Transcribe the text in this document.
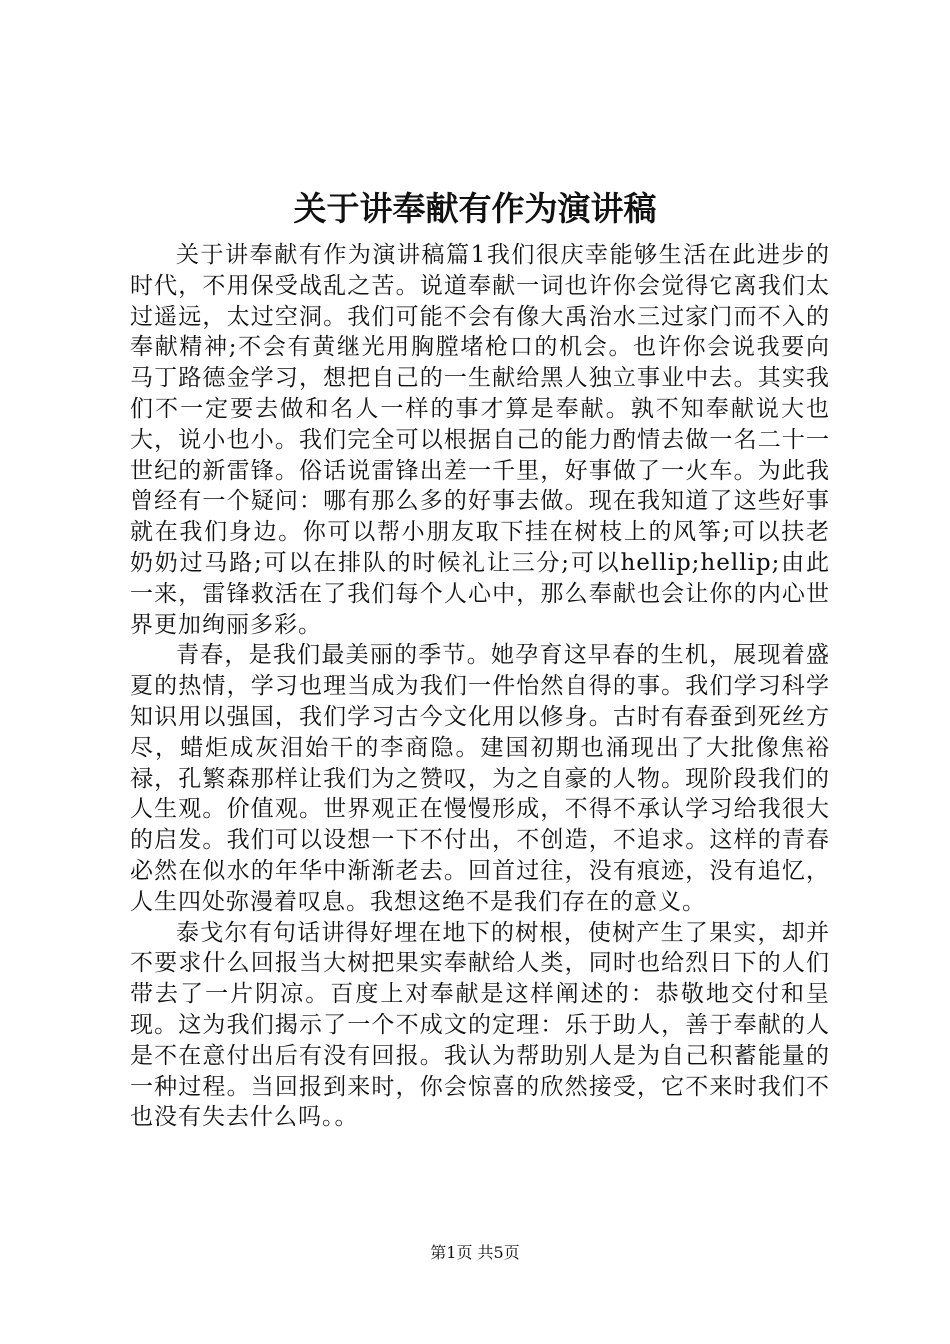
关于讲奉献有作为演讲稿

关于讲奉献有作为演讲稿篇1我们很庆幸能够生活在此进步的时代，不用保受战乱之苦。说道奉献一词也许你会觉得它离我们太过遥远，太过空洞。我们可能不会有像大禹治水三过家门而不入的奉献精神;不会有黄继光用胸膛堵枪口的机会。也许你会说我要向马丁路德金学习，想把自己的一生献给黑人独立事业中去。其实我们不一定要去做和名人一样的事才算是奉献。孰不知奉献说大也大，说小也小。我们完全可以根据自己的能力酌情去做一名二十一世纪的新雷锋。俗话说雷锋出差一千里，好事做了一火车。为此我曾经有一个疑问：哪有那么多的好事去做。现在我知道了这些好事就在我们身边。你可以帮小朋友取下挂在树枝上的风筝;可以扶老奶奶过马路;可以在排队的时候礼让三分;可以hellip;hellip;由此一来，雷锋救活在了我们每个人心中，那么奉献也会让你的内心世界更加绚丽多彩。

青春，是我们最美丽的季节。她孕育这早春的生机，展现着盛夏的热情，学习也理当成为我们一件怡然自得的事。我们学习科学知识用以强国，我们学习古今文化用以修身。古时有春蚕到死丝方尽，蜡炬成灰泪始干的李商隐。建国初期也涌现出了大批像焦裕禄，孔繁森那样让我们为之赞叹，为之自豪的人物。现阶段我们的人生观。价值观。世界观正在慢慢形成，不得不承认学习给我很大的启发。我们可以设想一下不付出，不创造，不追求。这样的青春必然在似水的年华中渐渐老去。回首过往，没有痕迹，没有追忆，人生四处弥漫着叹息。我想这绝不是我们存在的意义。

泰戈尔有句话讲得好埋在地下的树根，使树产生了果实，却并不要求什么回报当大树把果实奉献给人类，同时也给烈日下的人们带去了一片阴凉。百度上对奉献是这样阐述的：恭敬地交付和呈现。这为我们揭示了一个不成文的定理：乐于助人，善于奉献的人是不在意付出后有没有回报。我认为帮助别人是为自己积蓄能量的一种过程。当回报到来时，你会惊喜的欣然接受，它不来时我们不也没有失去什么吗。。

第1页 共5页
